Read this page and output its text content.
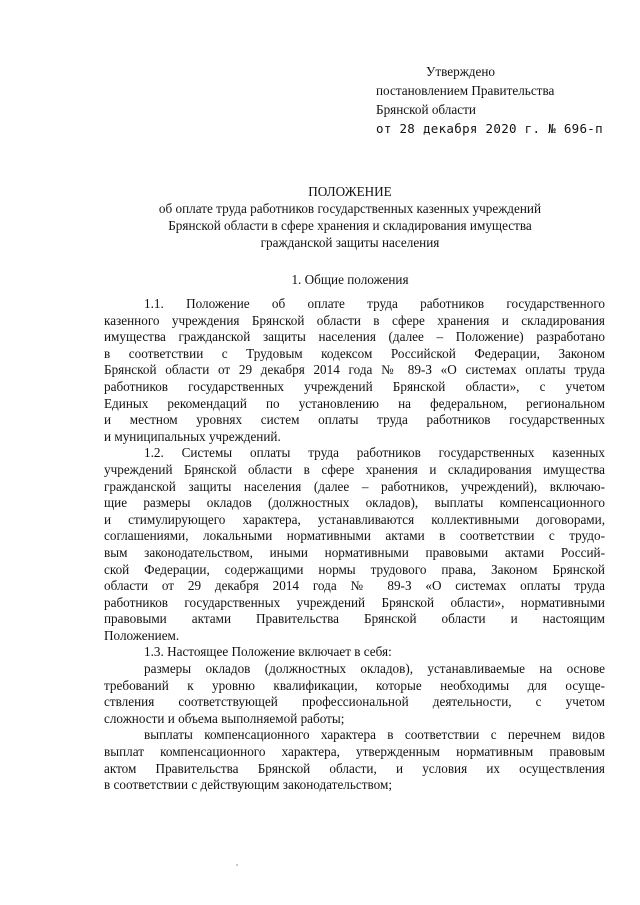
Утверждено
постановлением Правительства
Брянской области
от 28 декабря 2020 г. № 696-п
ПОЛОЖЕНИЕ
об оплате труда работников государственных казенных учреждений
Брянской области в сфере хранения и складирования имущества
гражданской защиты населения
1. Общие положения
1.1. Положение об оплате труда работников государственного
казенного учреждения Брянской области в сфере хранения и складирования
имущества гражданской защиты населения (далее – Положение) разработано
в соответствии с Трудовым кодексом Российской Федерации, Законом
Брянской области от 29 декабря 2014 года № 89-З «О системах оплаты труда
работников государственных учреждений Брянской области», с учетом
Единых рекомендаций по установлению на федеральном, региональном
и местном уровнях систем оплаты труда работников государственных
и муниципальных учреждений.
1.2. Системы оплаты труда работников государственных казенных
учреждений Брянской области в сфере хранения и складирования имущества
гражданской защиты населения (далее – работников, учреждений), включаю-
щие размеры окладов (должностных окладов), выплаты компенсационного
и стимулирующего характера, устанавливаются коллективными договорами,
соглашениями, локальными нормативными актами в соответствии с трудо-
вым законодательством, иными нормативными правовыми актами Россий-
ской Федерации, содержащими нормы трудового права, Законом Брянской
области от 29 декабря 2014 года № 89-З «О системах оплаты труда
работников государственных учреждений Брянской области», нормативными
правовыми актами Правительства Брянской области и настоящим
Положением.
1.3. Настоящее Положение включает в себя:
размеры окладов (должностных окладов), устанавливаемые на основе
требований к уровню квалификации, которые необходимы для осуще-
ствления соответствующей профессиональной деятельности, с учетом
сложности и объема выполняемой работы;
выплаты компенсационного характера в соответствии с перечнем видов
выплат компенсационного характера, утвержденным нормативным правовым
актом Правительства Брянской области, и условия их осуществления
в соответствии с действующим законодательством;
